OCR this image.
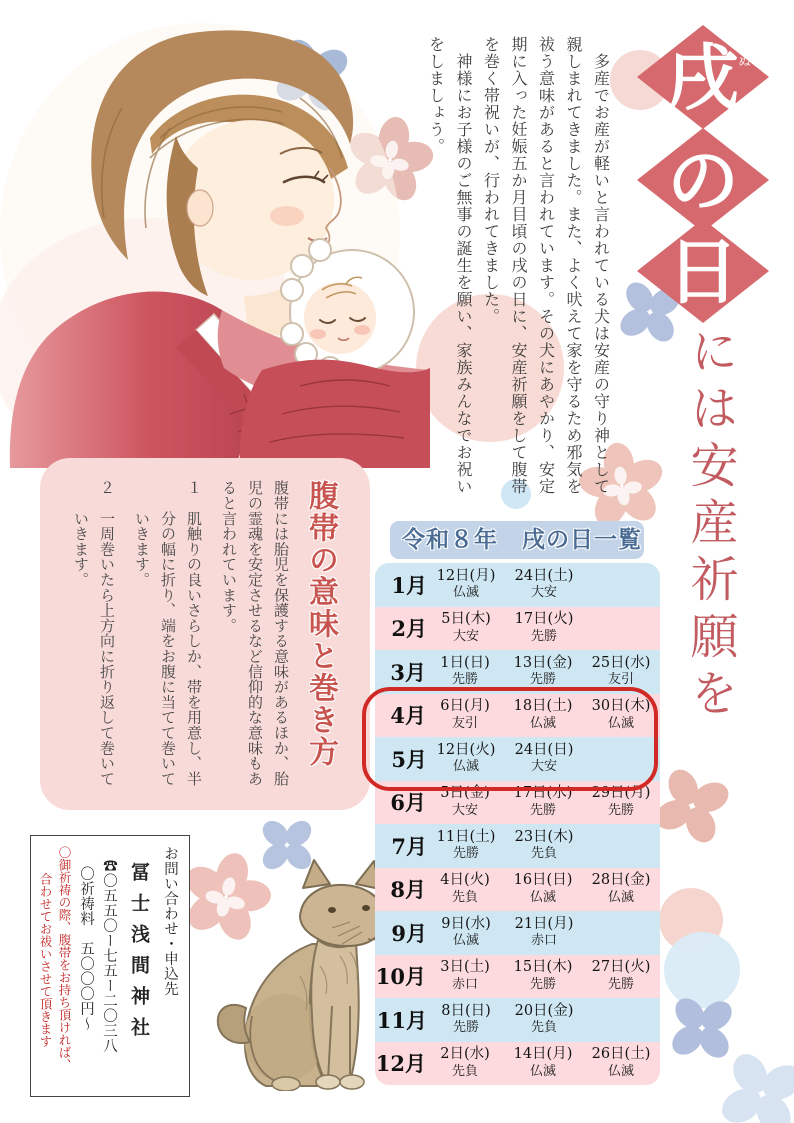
戌
の
日
いぬ
には安産祈願を
　多産でお産が軽いと言われている犬は安産の守り神として
親しまれてきました。また、よく吠えて家を守るため邪気を
祓う意味があると言われています。その犬にあやかり、安定
期に入った妊娠五か月目頃の戌の日に、安産祈願をして腹帯
を巻く帯祝いが、行われてきました。
　神様にお子様のご無事の誕生を願い、家族みんなでお祝い
をしましょう。
腹帯の意味と巻き方
腹帯には胎児を保護する意味があるほか、胎
児の霊魂を安定させるなど信仰的な意味もあ
ると言われています。
１　肌触りの良いさらしか、帯を用意し、半
　　分の幅に折り、端をお腹に当てて巻いて
　　いきます。
２　一周巻いたら上方向に折り返して巻いて
　　いきます。	令和８年　戌の日一覧
1月 12日(月)
仏滅
24日(土)
大安
2月 5日(木)
大安
17日(火)
先勝
3月 1日(日)
先勝
13日(金)
先勝
25日(水)
友引
4月 6日(月)
友引
18日(土)
仏滅
30日(木)
仏滅
5月 12日(火)
仏滅
24日(日)
大安
6月 5日(金)
大安
17日(水)
先勝
29日(月)
先勝
7月 11日(土)
先勝
23日(木)
先負
8月 4日(火)
先負
16日(日)
仏滅
28日(金)
仏滅
9月 9日(水)
仏滅
21日(月)
赤口
10月 3日(土)
赤口
15日(木)
先勝
27日(火)
先勝
11月 8日(日)
先勝
20日(金)
先負
12月 2日(水)
先負
14日(月)
仏滅
26日(土)
仏滅
お問い合わせ・申込先
冨士浅間神社
☎〇五五〇ー七五ー二〇三八
〇祈祷料　五〇〇〇円～
〇御祈祷の際、腹帯をお持ち頂ければ、
　合わせてお祓いさせて頂きます
